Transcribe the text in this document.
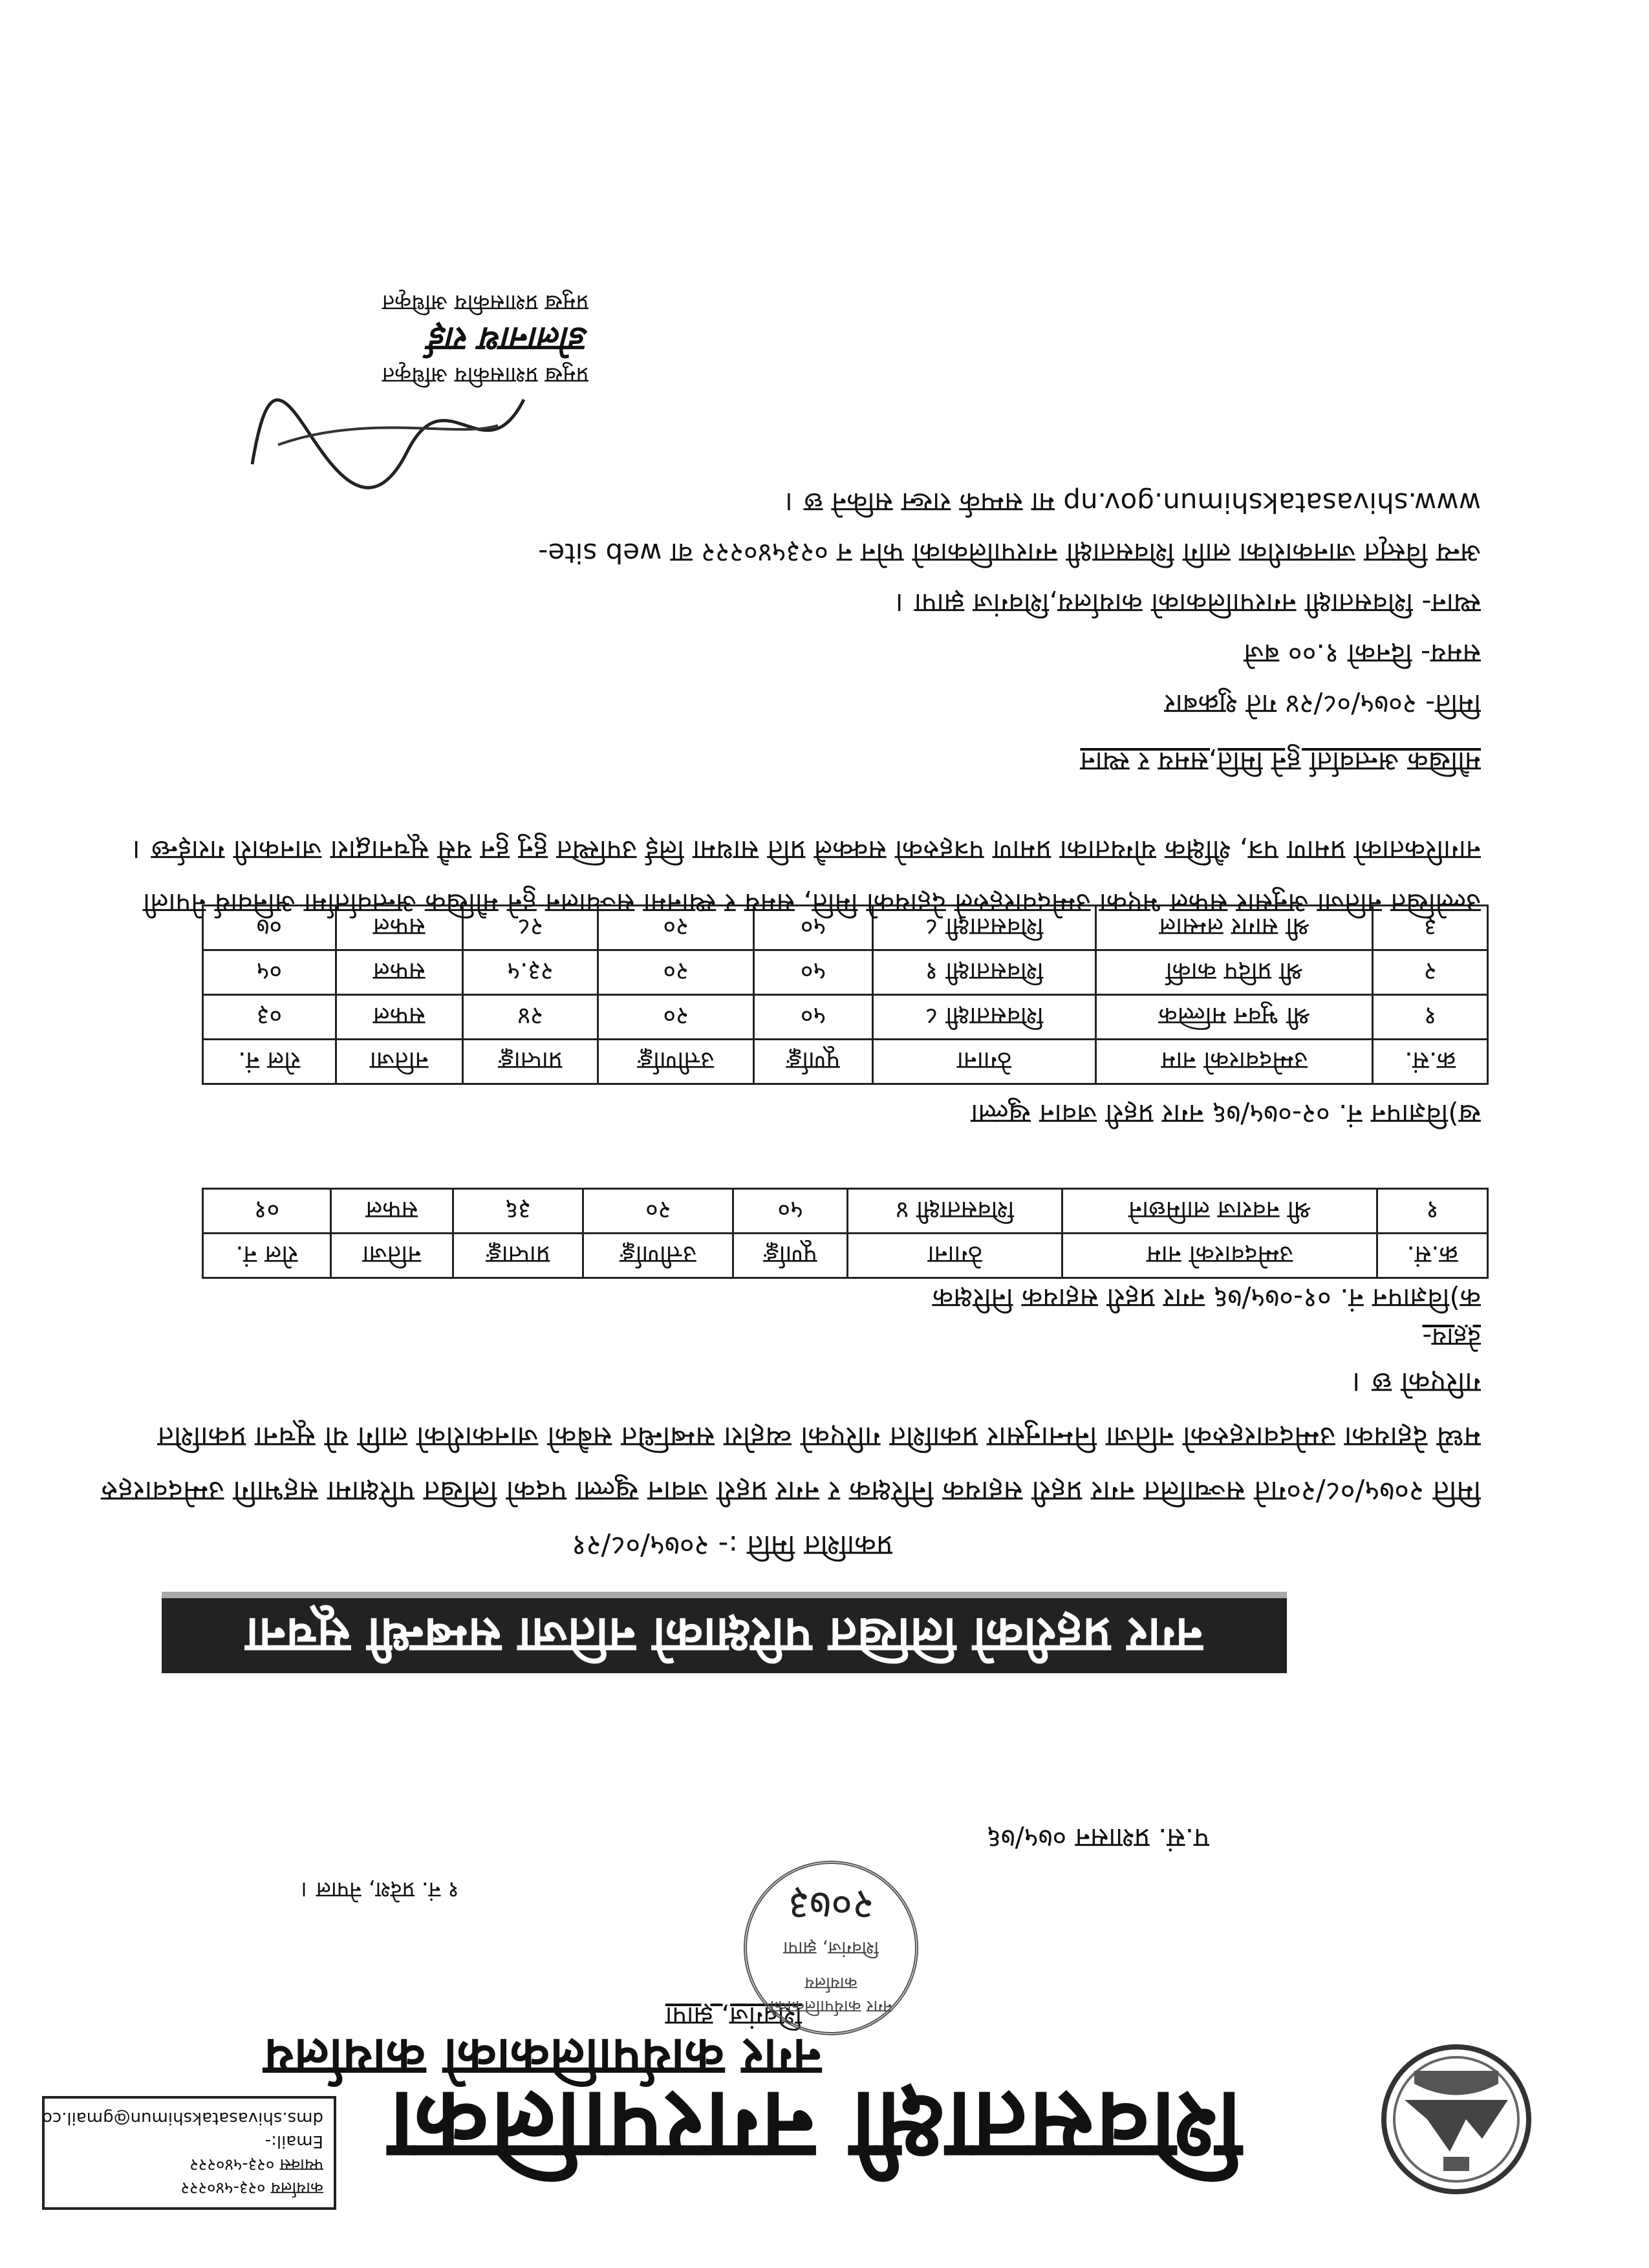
शिवसताक्षी नगरपालिका
नगर कार्यपालिकाको कार्यालय
शिवगंज, झापा
१ नं. प्रदेश, नेपाल ।
कार्यालय ०२३-५४०२२२
फ्याक्स ०२३-५४०२२२
Email:-
dms.shivasatakshimun@gmail.co
नगर कार्यपालिकाको कार्यालय
शिवगंज, झापा
२०७३
प.सं. प्रशासन ०७५/७६
नगर प्रहरीको लिखित परिक्षाको नतिजा सम्बन्धी सूचना
प्रकाशित मिति :- २०७५/०८/२१
मिति २०७५/०८/२०गते सञ्चालित नगर प्रहरी सहायक निरिक्षक र नगर प्रहरी जवान खुल्ला पदको लिखित परिक्षामा सहभागि उम्मेदवारहरु मध्ये देहायका उम्मेदवारहरुको नतिजा निम्नानुसार प्रकाशित गरिएको व्यहोरा सम्बन्धित सबैको जानकारीको लागि यो सूचना प्रकाशित गरिएको छ ।
देहाय-
क)विज्ञापन नं. ०१-०७५/७६ नगर प्रहरी सहायक निरिक्षक
क्र.सं.	उम्मेदवारको नाम	ठेगाना	पूर्णाङ्क	उत्तीर्णाङ्क	प्राप्ताङ्क	नतिजा	रोल नं.
१	श्री नवराज लामिछाने	शिवसताक्षी ४	५०	२०	३६	सफल	०१
ख)विज्ञापन नं. ०२-०७५/७६ नगर प्रहरी जवान खुल्ला
क्र.सं.	उम्मेदवारको नाम	ठेगाना	पूर्णाङ्क	उत्तीर्णाङ्क	प्राप्ताङ्क	नतिजा	रोल नं.
१	श्री भुवन मल्लिक	शिवसताक्षी ८	५०	२०	२४	सफल	०३
२	श्री प्रदिप कार्की	शिवसताक्षी १	५०	२०	२३.५	सफल	०५
३	श्री सागर लम्साल	शिवसताक्षी ८	५०	२०	२८	सफल	०७
उल्लेखित नतिजा अनुसार सफल भएका उम्मेदवारहरुले देहायको मिति, समय र स्थानमा सञ्चालन हुने मौखिक अन्तर्वार्तामा अनिवार्य नेपाली नागरिकताको प्रमाण पत्र, शैक्षिक योग्यताका प्रमाण पत्रहरुको सक्कलै प्रति साथमा लिई उपस्थित हुनु हुन यसै सूचनाद्वारा जानकारी गराईन्छ ।
मौखिक अन्तर्वार्ता हुने मिति,समय र स्थान
मिति- २०७५/०८/२४ गते शुक्रबार
समय- दिनको १.०० बजे
स्थान- शिवसताक्षी नगरपालिकाको कार्यालय,शिवगंज झापा ।
अन्य विस्तृत जानकारीका लागि शिवसताक्षी नगरपालिकाको फोन न ०२३५४०२२२ वा web site-
www.shivasatakshimun.gov.np मा सम्पर्क राख्न सकिने छ ।
प्रमुख प्रशासकीय अधिकृत
डोलानाथ राई
प्रमुख प्रशासकीय अधिकृत
